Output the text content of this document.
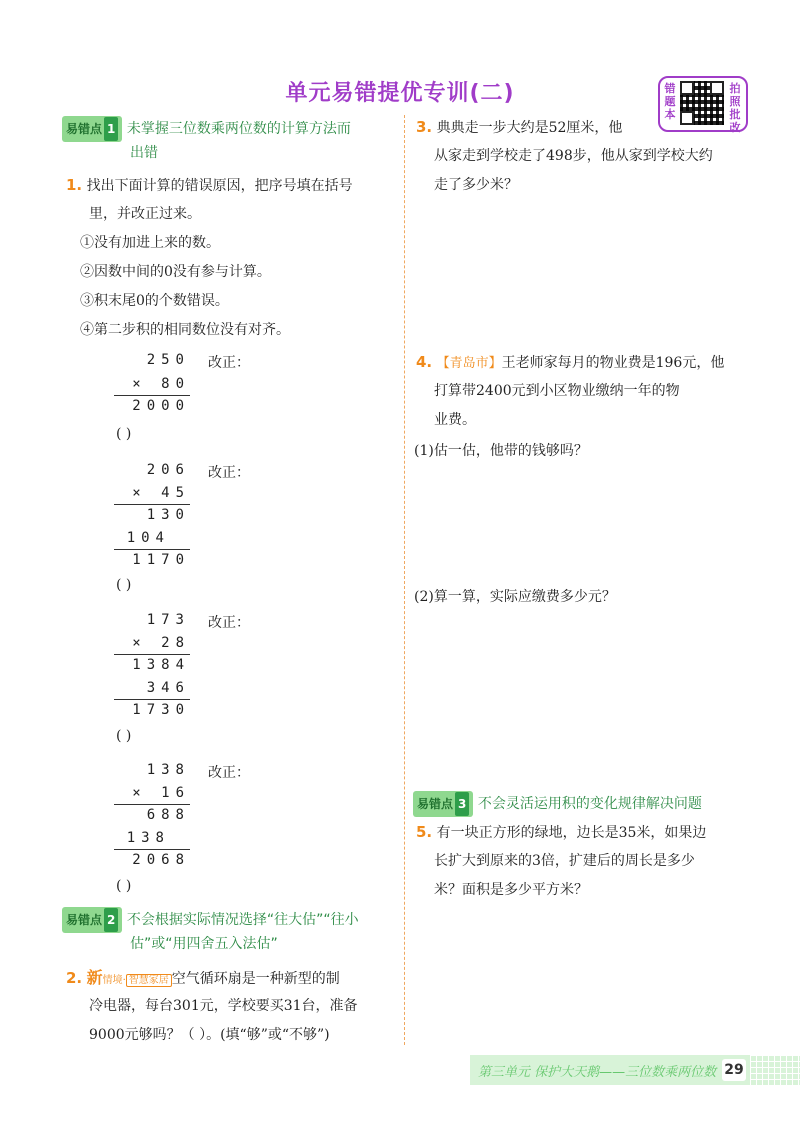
单元易错提优专训(二)	错题本
拍照批改
易错点 1 未掌握三位数乘两位数的计算方法而
出错
1. 找出下面计算的错误原因，把序号填在括号
里，并改正过来。
①没有加进上来的数。
②因数中间的0没有参与计算。
③积末尾0的个数错误。
④第二步积的相同数位没有对齐。
250
× 80
2000
改正：
( )
206
× 45
130
104
1170
改正：
( )
173
× 28
1384
346
1730
改正：
( )
138
× 16
688
138
2068
改正：
( )
易错点 2 不会根据实际情况选择“往大估”“往小
估”或“用四舍五入法估”
2. 新情境· 智慧家居 空气循环扇是一种新型的制
冷电器，每台301元，学校要买31台，准备
9000元够吗？（ ）。(填“够”或“不够”)
3. 典典走一步大约是52厘米，他
从家走到学校走了498步，他从家到学校大约
走了多少米？
4. 【青岛市】王老师家每月的物业费是196元，他
打算带2400元到小区物业缴纳一年的物
业费。
(1)估一估，他带的钱够吗？
(2)算一算，实际应缴费多少元？
易错点 3 不会灵活运用积的变化规律解决问题
5. 有一块正方形的绿地，边长是35米，如果边
长扩大到原来的3倍，扩建后的周长是多少
米？面积是多少平方米？
第三单元 保护大天鹅——三位数乘两位数 29
